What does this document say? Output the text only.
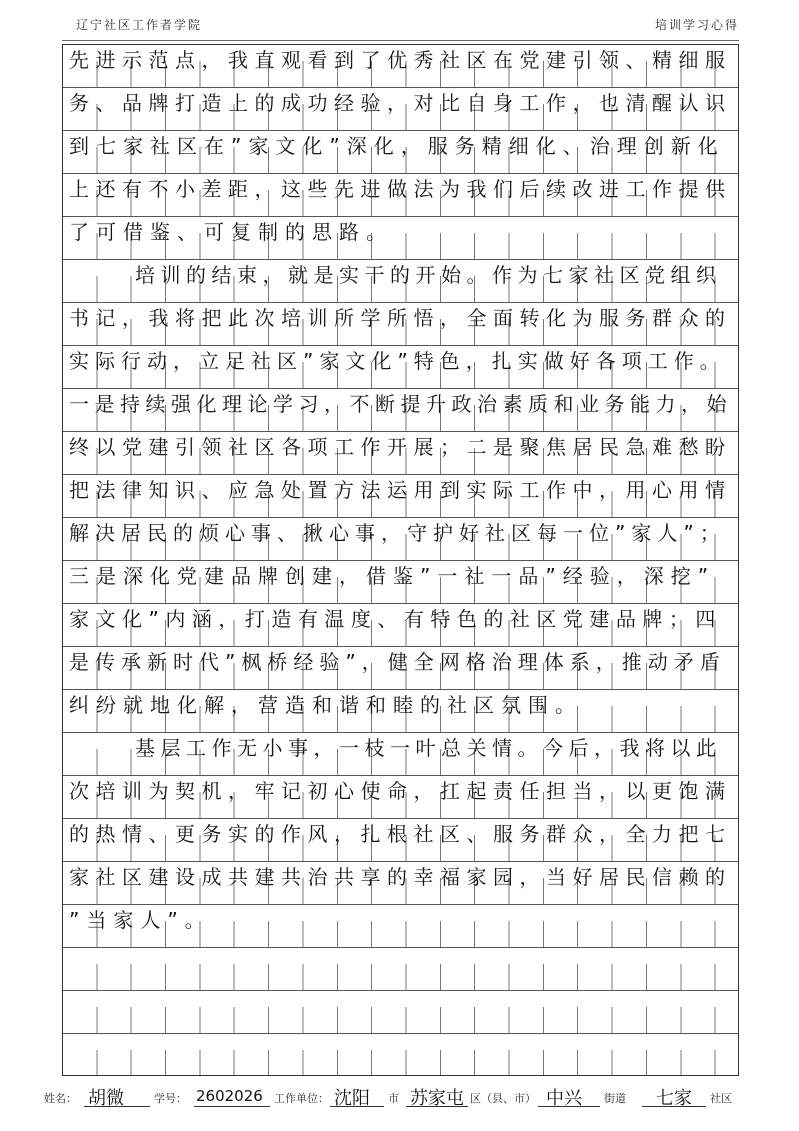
辽宁社区工作者学院	培训学习心得
先进示范点，我直观看到了优秀社区在党建引领、精细服
务、品牌打造上的成功经验，对比自身工作，也清醒认识
到七家社区在”家文化”深化，服务精细化、治理创新化
上还有不小差距，这些先进做法为我们后续改进工作提供
了可借鉴、可复制的思路。
培训的结束，就是实干的开始。作为七家社区党组织
书记，我将把此次培训所学所悟，全面转化为服务群众的
实际行动，立足社区”家文化”特色，扎实做好各项工作。
一是持续强化理论学习，不断提升政治素质和业务能力，始
终以党建引领社区各项工作开展；二是聚焦居民急难愁盼
把法律知识、应急处置方法运用到实际工作中，用心用情
解决居民的烦心事、揪心事，守护好社区每一位”家人”；
三是深化党建品牌创建，借鉴”一社一品”经验，深挖”
家文化”内涵，打造有温度、有特色的社区党建品牌；四
是传承新时代”枫桥经验”，健全网格治理体系，推动矛盾
纠纷就地化解，营造和谐和睦的社区氛围。
基层工作无小事，一枝一叶总关情。今后，我将以此
次培训为契机，牢记初心使命，扛起责任担当，以更饱满
的热情、更务实的作风，扎根社区、服务群众，全力把七
家社区建设成共建共治共享的幸福家园，当好居民信赖的
”当家人”。
姓名： 胡微	学号： 2602026 工作单位： 沈阳 市 苏家屯 区（县、市） 中兴 街道 七家 社区
